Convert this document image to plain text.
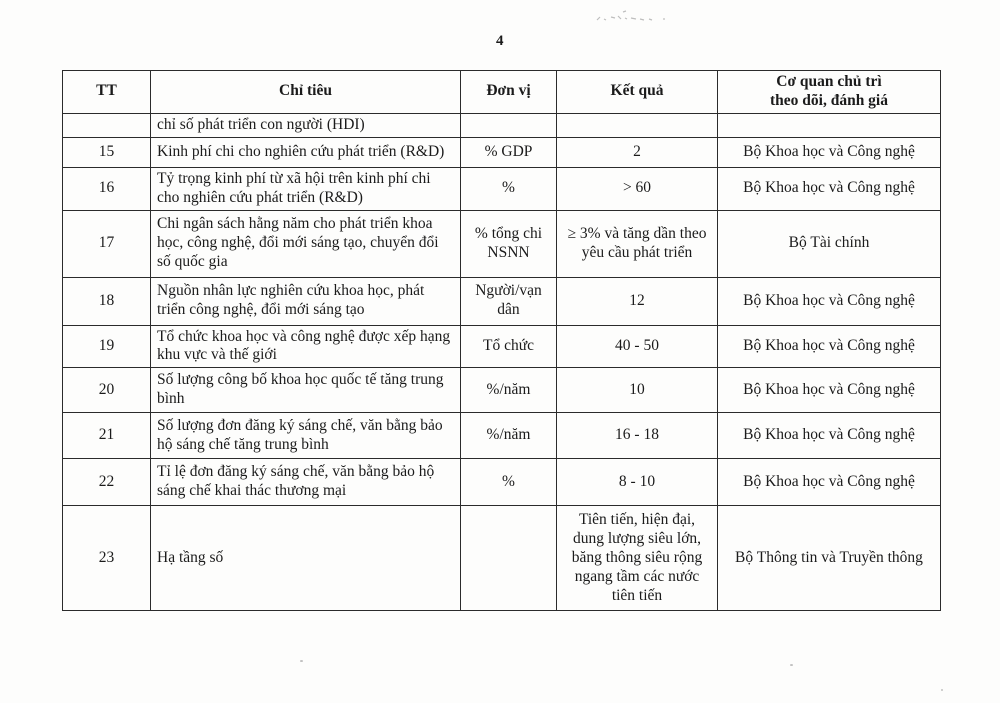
4
TT	Chỉ tiêu	Đơn vị	Kết quả	Cơ quan chủ trì
theo dõi, đánh giá

	chỉ số phát triển con người (HDI)			
15	Kinh phí chi cho nghiên cứu phát triển (R&D)	% GDP	2	Bộ Khoa học và Công nghệ
16	Tỷ trọng kinh phí từ xã hội trên kinh phí chi cho nghiên cứu phát triển (R&D)	%	> 60	Bộ Khoa học và Công nghệ
17	Chi ngân sách hằng năm cho phát triển khoa học, công nghệ, đổi mới sáng tạo, chuyển đổi số quốc gia	% tổng chi NSNN	≥ 3% và tăng dần theo yêu cầu phát triển	Bộ Tài chính
18	Nguồn nhân lực nghiên cứu khoa học, phát triển công nghệ, đổi mới sáng tạo	Người/vạn dân	12	Bộ Khoa học và Công nghệ
19	Tổ chức khoa học và công nghệ được xếp hạng khu vực và thế giới	Tổ chức	40 - 50	Bộ Khoa học và Công nghệ
20	Số lượng công bố khoa học quốc tế tăng trung bình	%/năm	10	Bộ Khoa học và Công nghệ
21	Số lượng đơn đăng ký sáng chế, văn bằng bảo hộ sáng chế tăng trung bình	%/năm	16 - 18	Bộ Khoa học và Công nghệ
22	Tỉ lệ đơn đăng ký sáng chế, văn bằng bảo hộ sáng chế khai thác thương mại	%	8 - 10	Bộ Khoa học và Công nghệ
23	Hạ tầng số		Tiên tiến, hiện đại, dung lượng siêu lớn, băng thông siêu rộng ngang tầm các nước tiên tiến	Bộ Thông tin và Truyền thông
